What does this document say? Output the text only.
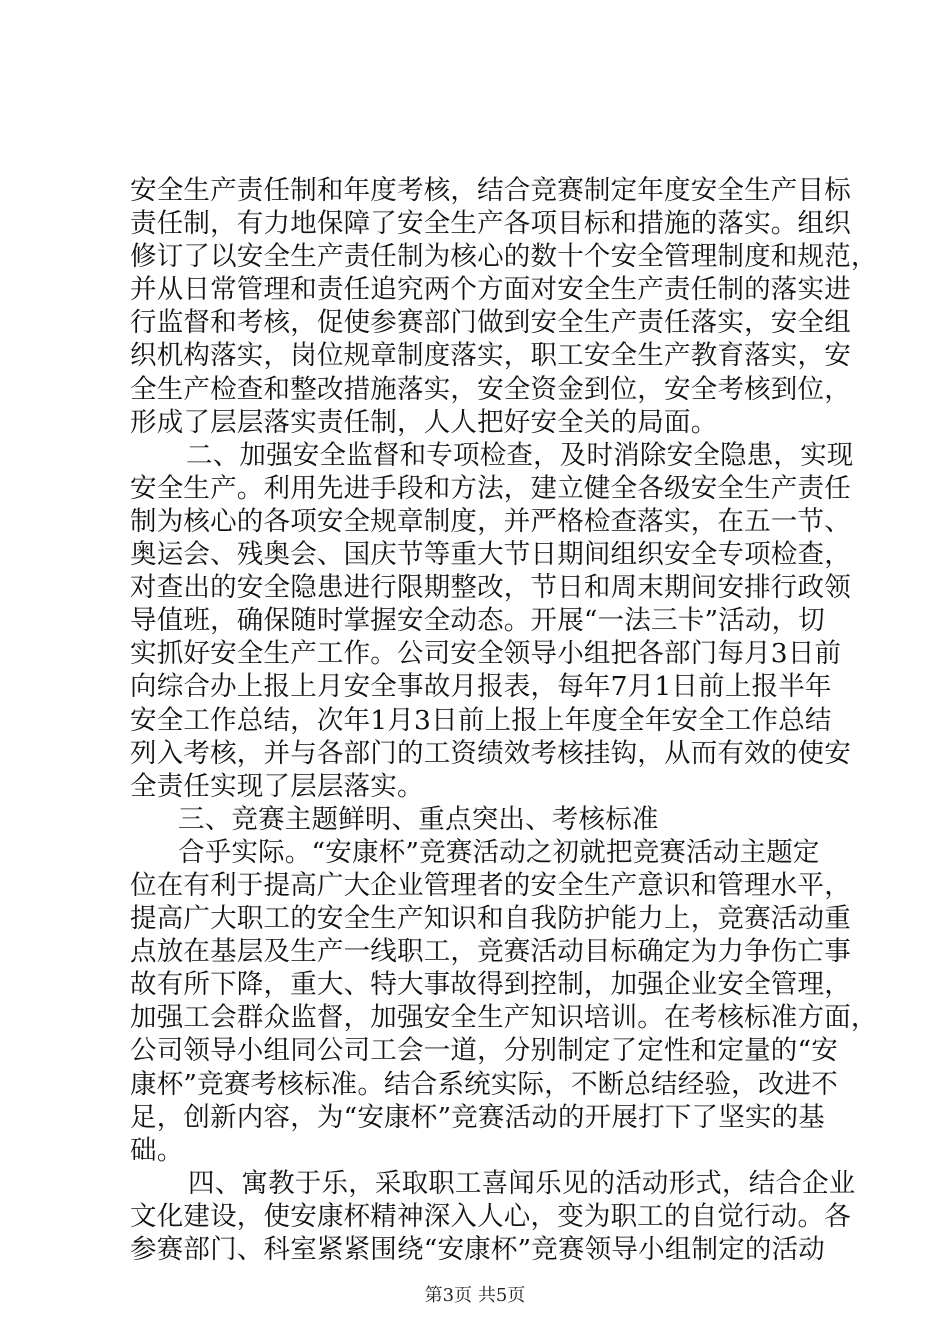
安全生产责任制和年度考核，结合竞赛制定年度安全生产目标
责任制，有力地保障了安全生产各项目标和措施的落实。组织
修订了以安全生产责任制为核心的数十个安全管理制度和规范，
并从日常管理和责任追究两个方面对安全生产责任制的落实进
行监督和考核，促使参赛部门做到安全生产责任落实，安全组
织机构落实，岗位规章制度落实，职工安全生产教育落实，安
全生产检查和整改措施落实，安全资金到位，安全考核到位，
形成了层层落实责任制，人人把好安全关的局面。
二、加强安全监督和专项检查，及时消除安全隐患，实现
安全生产。利用先进手段和方法，建立健全各级安全生产责任
制为核心的各项安全规章制度，并严格检查落实，在五一节、
奥运会、残奥会、国庆节等重大节日期间组织安全专项检查，
对查出的安全隐患进行限期整改，节日和周末期间安排行政领
导值班，确保随时掌握安全动态。开展“一法三卡”活动，切
实抓好安全生产工作。公司安全领导小组把各部门每月3日前
向综合办上报上月安全事故月报表，每年7月1日前上报半年
安全工作总结，次年1月3日前上报上年度全年安全工作总结
列入考核，并与各部门的工资绩效考核挂钩，从而有效的使安
全责任实现了层层落实。
三、竞赛主题鲜明、重点突出、考核标准
合乎实际。“安康杯”竞赛活动之初就把竞赛活动主题定
位在有利于提高广大企业管理者的安全生产意识和管理水平，
提高广大职工的安全生产知识和自我防护能力上，竞赛活动重
点放在基层及生产一线职工，竞赛活动目标确定为力争伤亡事
故有所下降，重大、特大事故得到控制，加强企业安全管理，
加强工会群众监督，加强安全生产知识培训。在考核标准方面，
公司领导小组同公司工会一道，分别制定了定性和定量的“安
康杯”竞赛考核标准。结合系统实际，不断总结经验，改进不
足，创新内容，为“安康杯”竞赛活动的开展打下了坚实的基
础。
四、寓教于乐，采取职工喜闻乐见的活动形式，结合企业
文化建设，使安康杯精神深入人心，变为职工的自觉行动。各
参赛部门、科室紧紧围绕“安康杯”竞赛领导小组制定的活动
第3页 共5页
